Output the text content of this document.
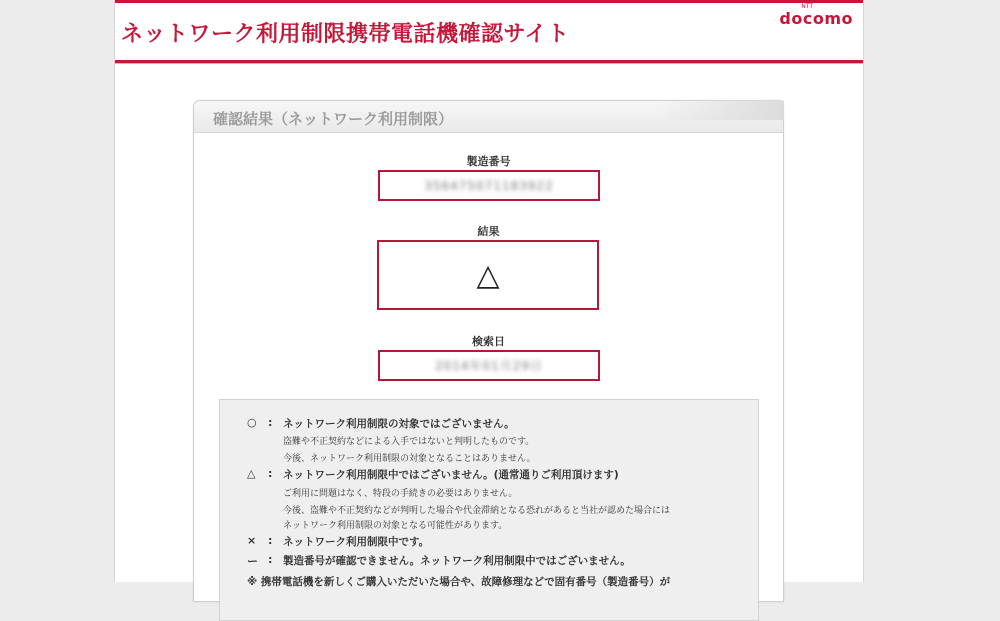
ネットワーク利用制限携帯電話機確認サイト
NTT
docomo
確認結果（ネットワーク利用制限）
製造番号
356475071183922
結果
△
検索日
2014年01月29日
○ : ネットワーク利用制限の対象ではございません。
盗難や不正契約などによる入手ではないと判明したものです。
今後、ネットワーク利用制限の対象となることはありません。
△ : ネットワーク利用制限中ではございません。(通常通りご利用頂けます)
ご利用に問題はなく、特段の手続きの必要はありません。
今後、盗難や不正契約などが判明した場合や代金滞納となる恐れがあると当社が認めた場合には
ネットワーク利用制限の対象となる可能性があります。
× : ネットワーク利用制限中です。
ー : 製造番号が確認できません。ネットワーク利用制限中ではございません。
※ 携帯電話機を新しくご購入いただいた場合や、故障修理などで固有番号（製造番号）が
